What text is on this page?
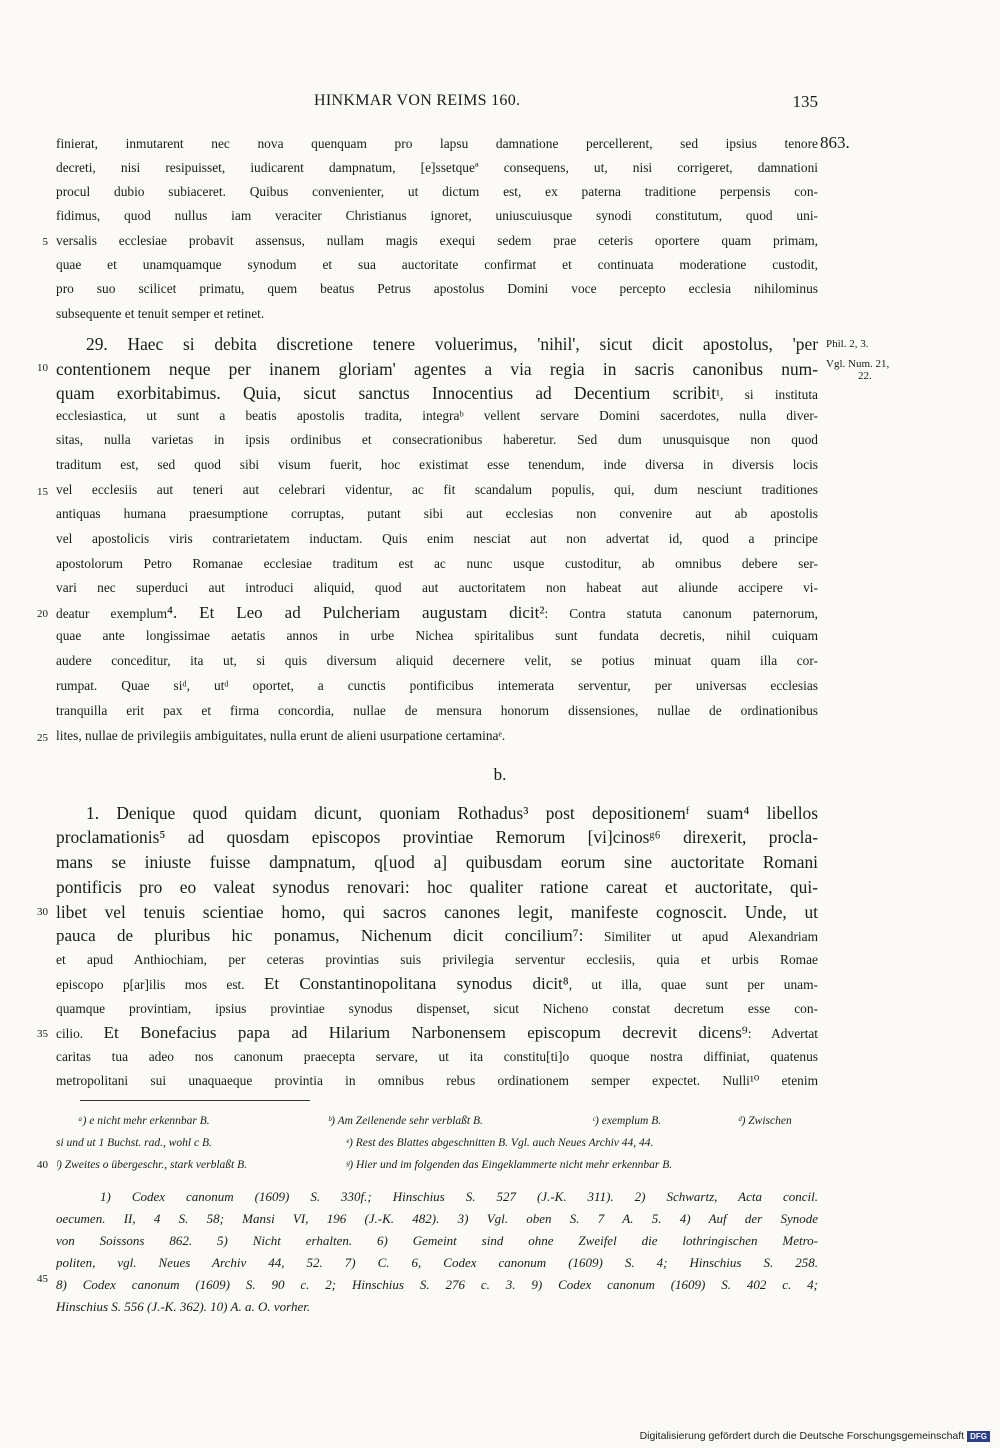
HINKMAR VON REIMS 160.	135
863.
finierat, inmutarent nec nova quenquam pro lapsu damnatione percellerent, sed ipsius tenore
decreti, nisi resipuisset, iudicarent dampnatum, [e]ssetqueª consequens, ut, nisi corrigeret, damnationi
procul dubio subiaceret. Quibus convenienter, ut dictum est, ex paterna traditione perpensis con-
fidimus, quod nullus iam veraciter Christianus ignoret, uniuscuiusque synodi constitutum, quod uni-
versalis ecclesiae probavit assensus, nullam magis exequi sedem prae ceteris oportere quam primam,
quae et unamquamque synodum et sua auctoritate confirmat et continuata moderatione custodit,
pro suo scilicet primatu, quem beatus Petrus apostolus Domini voce percepto ecclesia nihilominus
subsequente et tenuit semper et retinet.
29. Haec si debita discretione tenere voluerimus, 'nihil', sicut dicit apostolus, 'per
contentionem neque per inanem gloriam' agentes a via regia in sacris canonibus num-
quam exorbitabimus. Quia, sicut sanctus Innocentius ad Decentium scribit¹, si instituta
ecclesiastica, ut sunt a beatis apostolis tradita, integraᵇ vellent servare Domini sacerdotes, nulla diver-
sitas, nulla varietas in ipsis ordinibus et consecrationibus haberetur. Sed dum unusquisque non quod
traditum est, sed quod sibi visum fuerit, hoc existimat esse tenendum, inde diversa in diversis locis
vel ecclesiis aut teneri aut celebrari videntur, ac fit scandalum populis, qui, dum nesciunt traditiones
antiquas humana praesumptione corruptas, putant sibi aut ecclesias non convenire aut ab apostolis
vel apostolicis viris contrarietatem inductam. Quis enim nesciat aut non advertat id, quod a principe
apostolorum Petro Romanae ecclesiae traditum est ac nunc usque custoditur, ab omnibus debere ser-
vari nec superduci aut introduci aliquid, quod aut auctoritatem non habeat aut aliunde accipere vi-
deatur exemplum⁴. Et Leo ad Pulcheriam augustam dicit²: Contra statuta canonum paternorum,
quae ante longissimae aetatis annos in urbe Nichea spiritalibus sunt fundata decretis, nihil cuiquam
audere conceditur, ita ut, si quis diversum aliquid decernere velit, se potius minuat quam illa cor-
rumpat. Quae siᵈ, utᵈ oportet, a cunctis pontificibus intemerata serventur, per universas ecclesias
tranquilla erit pax et firma concordia, nullae de mensura honorum dissensiones, nullae de ordinationibus
lites, nullae de privilegiis ambiguitates, nulla erunt de alieni usurpatione certaminaᵉ.
b.
1. Denique quod quidam dicunt, quoniam Rothadus³ post depositionemᶠ suam⁴ libellos
proclamationis⁵ ad quosdam episcopos provintiae Remorum [vi]cinosᵍ⁶ direxerit, procla-
mans se iniuste fuisse dampnatum, q[uod a] quibusdam eorum sine auctoritate Romani
pontificis pro eo valeat synodus renovari: hoc qualiter ratione careat et auctoritate, qui-
libet vel tenuis scientiae homo, qui sacros canones legit, manifeste cognoscit. Unde, ut
pauca de pluribus hic ponamus, Nichenum dicit concilium⁷: Similiter ut apud Alexandriam
et apud Anthiochiam, per ceteras provintias suis privilegia serventur ecclesiis, quia et urbis Romae
episcopo p[ar]ilis mos est. Et Constantinopolitana synodus dicit⁸, ut illa, quae sunt per unam-
quamque provintiam, ipsius provintiae synodus dispenset, sicut Nicheno constat decretum esse con-
cilio. Et Bonefacius papa ad Hilarium Narbonensem episcopum decrevit dicens⁹: Advertat
caritas tua adeo nos canonum praecepta servare, ut ita constitu[ti]o quoque nostra diffiniat, quatenus
metropolitani sui unaquaeque provintia in omnibus rebus ordinationem semper expectet. Nulli¹⁰ etenim
5
10
15
20
25
30
35
40
45
Phil. 2, 3.
Vgl. Num. 21,
22.
ᵃ) e nicht mehr erkennbar B.	ᵇ) Am Zeilenende sehr verblaßt B.	ᶜ) exemplum B.	ᵈ) Zwischen
si und ut 1 Buchst. rad., wohl c B.	ᵉ) Rest des Blattes abgeschnitten B. Vgl. auch Neues Archiv 44, 44.
ᶠ) Zweites o übergeschr., stark verblaßt B.	ᵍ) Hier und im folgenden das Eingeklammerte nicht mehr erkennbar B.
1) Codex canonum (1609) S. 330f.; Hinschius S. 527 (J.-K. 311). 2) Schwartz, Acta concil.
oecumen. II, 4 S. 58; Mansi VI, 196 (J.-K. 482). 3) Vgl. oben S. 7 A. 5. 4) Auf der Synode
von Soissons 862. 5) Nicht erhalten. 6) Gemeint sind ohne Zweifel die lothringischen Metro-
politen, vgl. Neues Archiv 44, 52. 7) C. 6, Codex canonum (1609) S. 4; Hinschius S. 258.
8) Codex canonum (1609) S. 90 c. 2; Hinschius S. 276 c. 3. 9) Codex canonum (1609) S. 402 c. 4;
Hinschius S. 556 (J.-K. 362). 10) A. a. O. vorher.
Digitalisierung gefördert durch die Deutsche Forschungsgemeinschaft DFG
